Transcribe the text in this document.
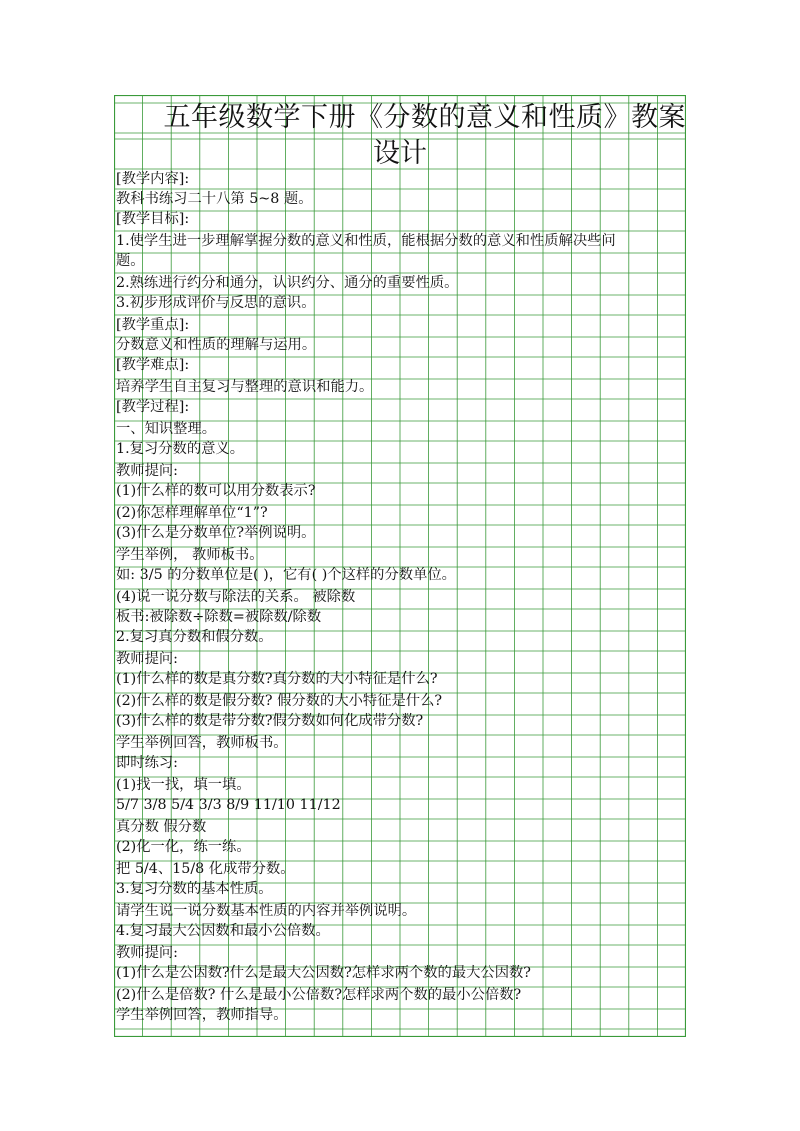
五年级数学下册《分数的意义和性质》教案
设计
[教学内容]:
教科书练习二十八第 5~8 题。
[教学目标]:
1.使学生进一步理解掌握分数的意义和性质，能根据分数的意义和性质解决些问
题。
2.熟练进行约分和通分，认识约分、通分的重要性质。
3.初步形成评价与反思的意识。
[教学重点]:
分数意义和性质的理解与运用。
[教学难点]:
培养学生自主复习与整理的意识和能力。
[教学过程]:
一、知识整理。
1.复习分数的意义。
教师提问:
(1)什么样的数可以用分数表示?
(2)你怎样理解单位“1”?
(3)什么是分数单位?举例说明。
学生举例， 教师板书。
如: 3/5 的分数单位是( )，它有( )个这样的分数单位。
(4)说一说分数与除法的关系。 被除数
板书:被除数÷除数=被除数/除数
2.复习真分数和假分数。
教师提问:
(1)什么样的数是真分数?真分数的大小特征是什么?
(2)什么样的数是假分数? 假分数的大小特征是什么?
(3)什么样的数是带分数?假分数如何化成带分数?
学生举例回答，教师板书。
即时练习:
(1)找一找，填一填。
5/7 3/8 5/4 3/3 8/9 11/10 11/12
真分数 假分数
(2)化一化，练一练。
把 5/4、15/8 化成带分数。
3.复习分数的基本性质。
请学生说一说分数基本性质的内容并举例说明。
4.复习最大公因数和最小公倍数。
教师提问:
(1)什么是公因数?什么是最大公因数?怎样求两个数的最大公因数?
(2)什么是倍数? 什么是最小公倍数?怎样求两个数的最小公倍数?
学生举例回答，教师指导。
